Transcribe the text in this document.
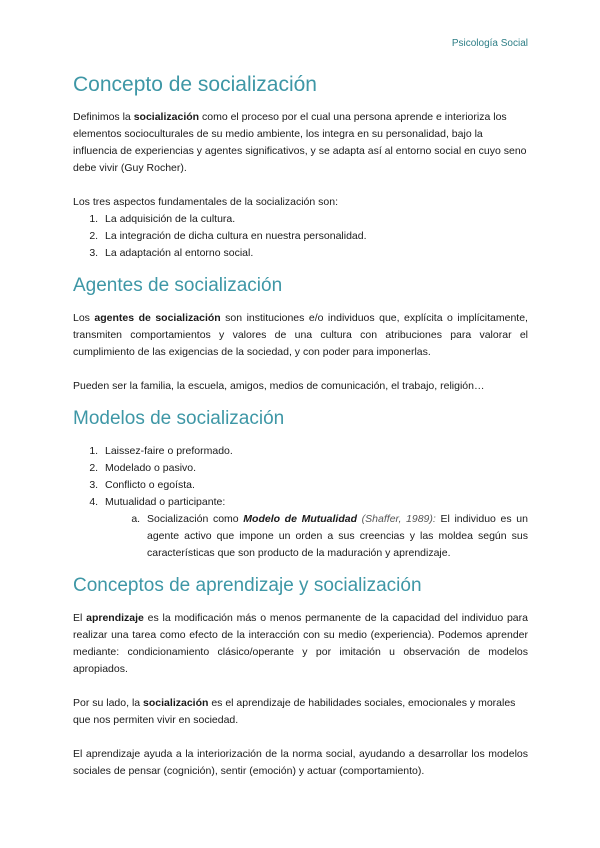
Psicología Social
Concepto de socialización

Definimos la socialización como el proceso por el cual una persona aprende e interioriza los elementos socioculturales de su medio ambiente, los integra en su personalidad, bajo la influencia de experiencias y agentes significativos, y se adapta así al entorno social en cuyo seno debe vivir (Guy Rocher).

Los tres aspectos fundamentales de la socialización son:

1. La adquisición de la cultura.
2. La integración de dicha cultura en nuestra personalidad.
3. La adaptación al entorno social.
Agentes de socialización

Los agentes de socialización son instituciones e/o individuos que, explícita o implícitamente, transmiten comportamientos y valores de una cultura con atribuciones para valorar el cumplimiento de las exigencias de la sociedad, y con poder para imponerlas.

Pueden ser la familia, la escuela, amigos, medios de comunicación, el trabajo, religión…

Modelos de socialización
1. Laissez-faire o preformado.
2. Modelado o pasivo.
3. Conflicto o egoísta.
4. Mutualidad o participante:
a. Socialización como Modelo de Mutualidad (Shaffer, 1989): El individuo es un agente activo que impone un orden a sus creencias y las moldea según sus características que son producto de la maduración y aprendizaje.
Conceptos de aprendizaje y socialización

El aprendizaje es la modificación más o menos permanente de la capacidad del individuo para realizar una tarea como efecto de la interacción con su medio (experiencia). Podemos aprender mediante: condicionamiento clásico/operante y por imitación u observación de modelos apropiados.

Por su lado, la socialización es el aprendizaje de habilidades sociales, emocionales y morales que nos permiten vivir en sociedad.

El aprendizaje ayuda a la interiorización de la norma social, ayudando a desarrollar los modelos sociales de pensar (cognición), sentir (emoción) y actuar (comportamiento).
